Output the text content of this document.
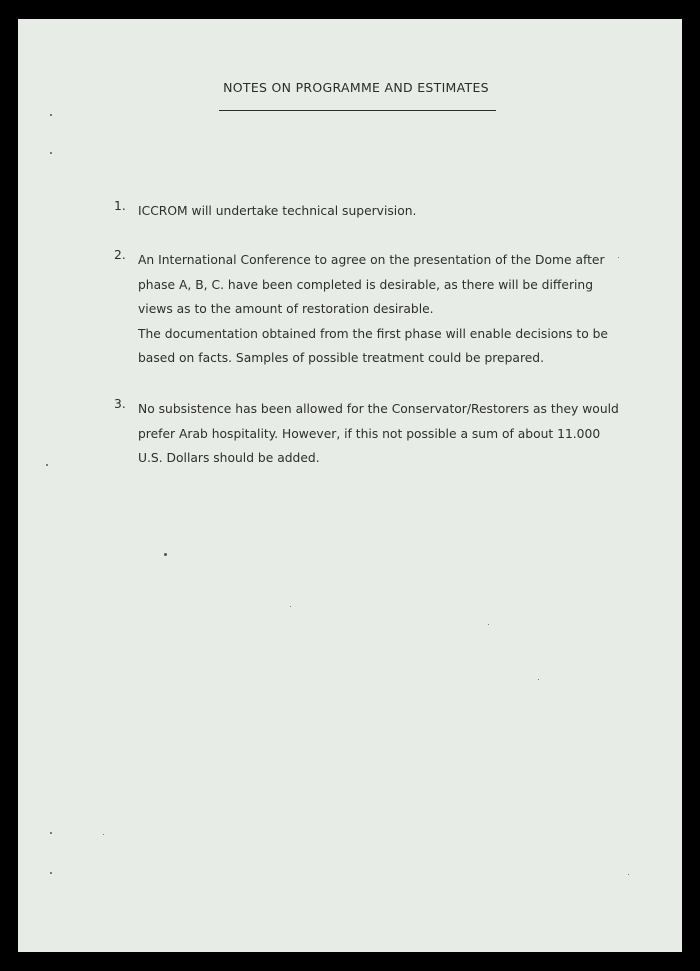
NOTES ON PROGRAMME AND ESTIMATES
1. ICCROM will undertake technical supervision.
2. An International Conference to agree on the presentation of the Dome after
phase A, B, C. have been completed is desirable, as there will be differing
views as to the amount of restoration desirable.
The documentation obtained from the first phase will enable decisions to be
based on facts. Samples of possible treatment could be prepared.
3. No subsistence has been allowed for the Conservator/Restorers as they would
prefer Arab hospitality. However, if this not possible a sum of about 11.000
U.S. Dollars should be added.
